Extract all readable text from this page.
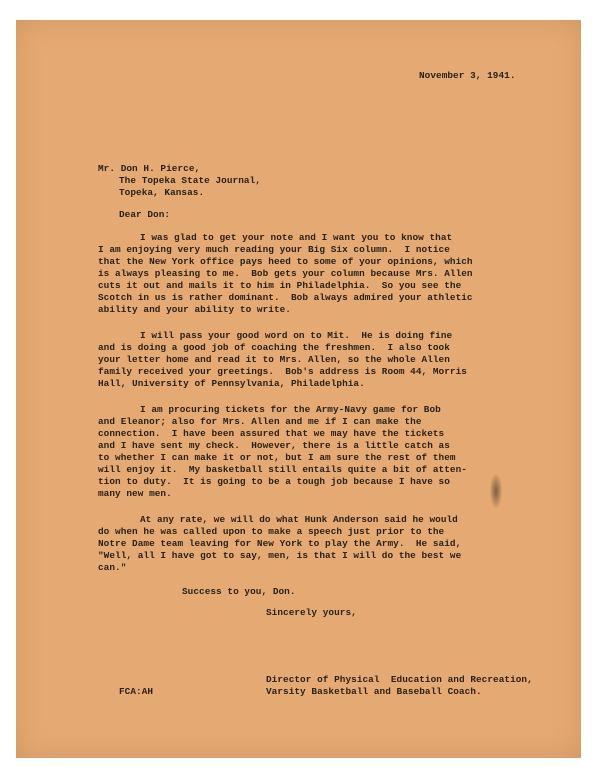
November 3, 1941.
Mr. Don H. Pierce,
The Topeka State Journal,
Topeka, Kansas.
Dear Don:
I was glad to get your note and I want you to know that
I am enjoying very much reading your Big Six column.  I notice
that the New York office pays heed to some of your opinions, which
is always pleasing to me.  Bob gets your column because Mrs. Allen
cuts it out and mails it to him in Philadelphia.  So you see the
Scotch in us is rather dominant.  Bob always admired your athletic
ability and your ability to write.
I will pass your good word on to Mit.  He is doing fine
and is doing a good job of coaching the freshmen.  I also took
your letter home and read it to Mrs. Allen, so the whole Allen
family received your greetings.  Bob's address is Room 44, Morris
Hall, University of Pennsylvania, Philadelphia.
I am procuring tickets for the Army-Navy game for Bob
and Eleanor; also for Mrs. Allen and me if I can make the
connection.  I have been assured that we may have the tickets
and I have sent my check.  However, there is a little catch as
to whether I can make it or not, but I am sure the rest of them
will enjoy it.  My basketball still entails quite a bit of atten-
tion to duty.  It is going to be a tough job because I have so
many new men.
At any rate, we will do what Hunk Anderson said he would
do when he was called upon to make a speech just prior to the
Notre Dame team leaving for New York to play the Army.  He said,
"Well, all I have got to say, men, is that I will do the best we
can."
Success to you, Don.
Sincerely yours,
Director of Physical  Education and Recreation,
Varsity Basketball and Baseball Coach.
FCA:AH
